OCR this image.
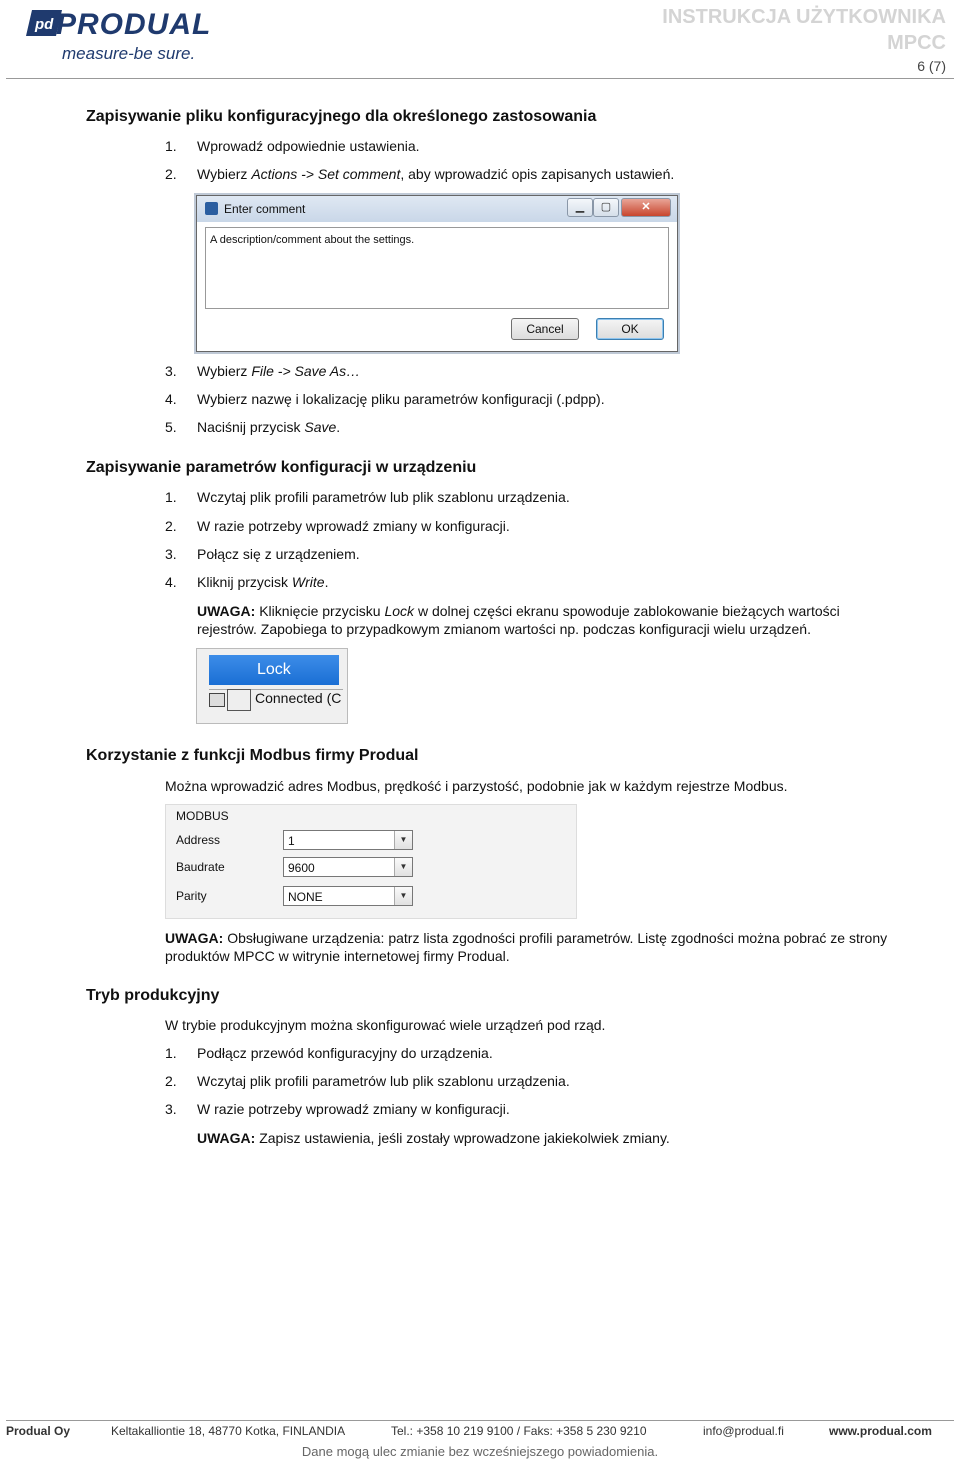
pd PRODUAL
measure-be sure.
INSTRUKCJA UŻYTKOWNIKA
MPCC
6 (7)
Zapisywanie pliku konfiguracyjnego dla określonego zastosowania
1. Wprowadź odpowiednie ustawienia.
2. Wybierz Actions -> Set comment, aby wprowadzić opis zapisanych ustawień.
Enter comment	▁	▢	✕
A description/comment about the settings.
Cancel	OK
3. Wybierz File -> Save As…
4. Wybierz nazwę i lokalizację pliku parametrów konfiguracji (.pdpp).
5. Naciśnij przycisk Save.
Zapisywanie parametrów konfiguracji w urządzeniu
1. Wczytaj plik profili parametrów lub plik szablonu urządzenia.
2. W razie potrzeby wprowadź zmiany w konfiguracji.
3. Połącz się z urządzeniem.
4. Kliknij przycisk Write.
UWAGA: Kliknięcie przycisku Lock w dolnej części ekranu spowoduje zablokowanie bieżących wartości rejestrów. Zapobiega to przypadkowym zmianom wartości np. podczas konfiguracji wielu urządzeń.
Lock
Connected (C
Korzystanie z funkcji Modbus firmy Produal
Można wprowadzić adres Modbus, prędkość i parzystość, podobnie jak w każdym rejestrze Modbus.
MODBUS
Address	1	▼
Baudrate	9600	▼
Parity	NONE	▼
UWAGA: Obsługiwane urządzenia: patrz lista zgodności profili parametrów. Listę zgodności można pobrać ze strony produktów MPCC w witrynie internetowej firmy Produal.
Tryb produkcyjny
W trybie produkcyjnym można skonfigurować wiele urządzeń pod rząd.
1. Podłącz przewód konfiguracyjny do urządzenia.
2. Wczytaj plik profili parametrów lub plik szablonu urządzenia.
3. W razie potrzeby wprowadź zmiany w konfiguracji.
UWAGA: Zapisz ustawienia, jeśli zostały wprowadzone jakiekolwiek zmiany.
Produal Oy	Keltakalliontie 18, 48770 Kotka, FINLANDIA	Tel.: +358 10 219 9100 / Faks: +358 5 230 9210	info@produal.fi	www.produal.com
Dane mogą ulec zmianie bez wcześniejszego powiadomienia.
